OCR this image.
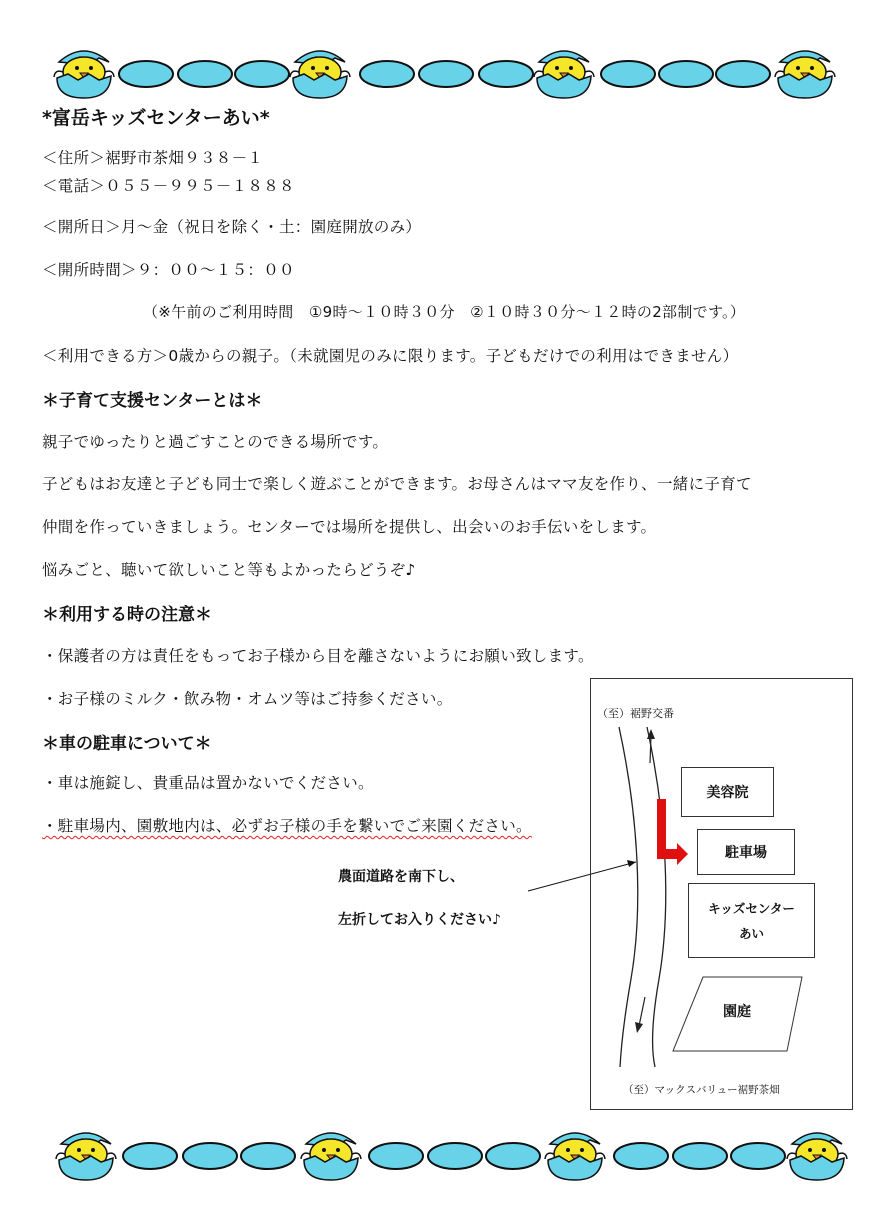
*富岳キッズセンターあい*
＜住所＞裾野市茶畑９３８－１
＜電話＞０５５－９９５－１８８８
＜開所日＞月～金（祝日を除く・土：園庭開放のみ）
＜開所時間＞９：００～１５：００
（※午前のご利用時間　①9時～１０時３０分　②１０時３０分～１２時の2部制です。）
＜利用できる方＞0歳からの親子。（未就園児のみに限ります。子どもだけでの利用はできません）
＊子育て支援センターとは＊
親子でゆったりと過ごすことのできる場所です。
子どもはお友達と子ども同士で楽しく遊ぶことができます。お母さんはママ友を作り、一緒に子育て
仲間を作っていきましょう。センターでは場所を提供し、出会いのお手伝いをします。
悩みごと、聴いて欲しいこと等もよかったらどうぞ♪
＊利用する時の注意＊
・保護者の方は責任をもってお子様から目を離さないようにお願い致します。
・お子様のミルク・飲み物・オムツ等はご持参ください。
＊車の駐車について＊
・車は施錠し、貴重品は置かないでください。
・駐車場内、園敷地内は、必ずお子様の手を繋いでご来園ください。
農面道路を南下し、
左折してお入りください♪
（至）裾野交番
美容院
駐車場
キッズセンター
あい
園庭
（至）マックスバリュー裾野茶畑
